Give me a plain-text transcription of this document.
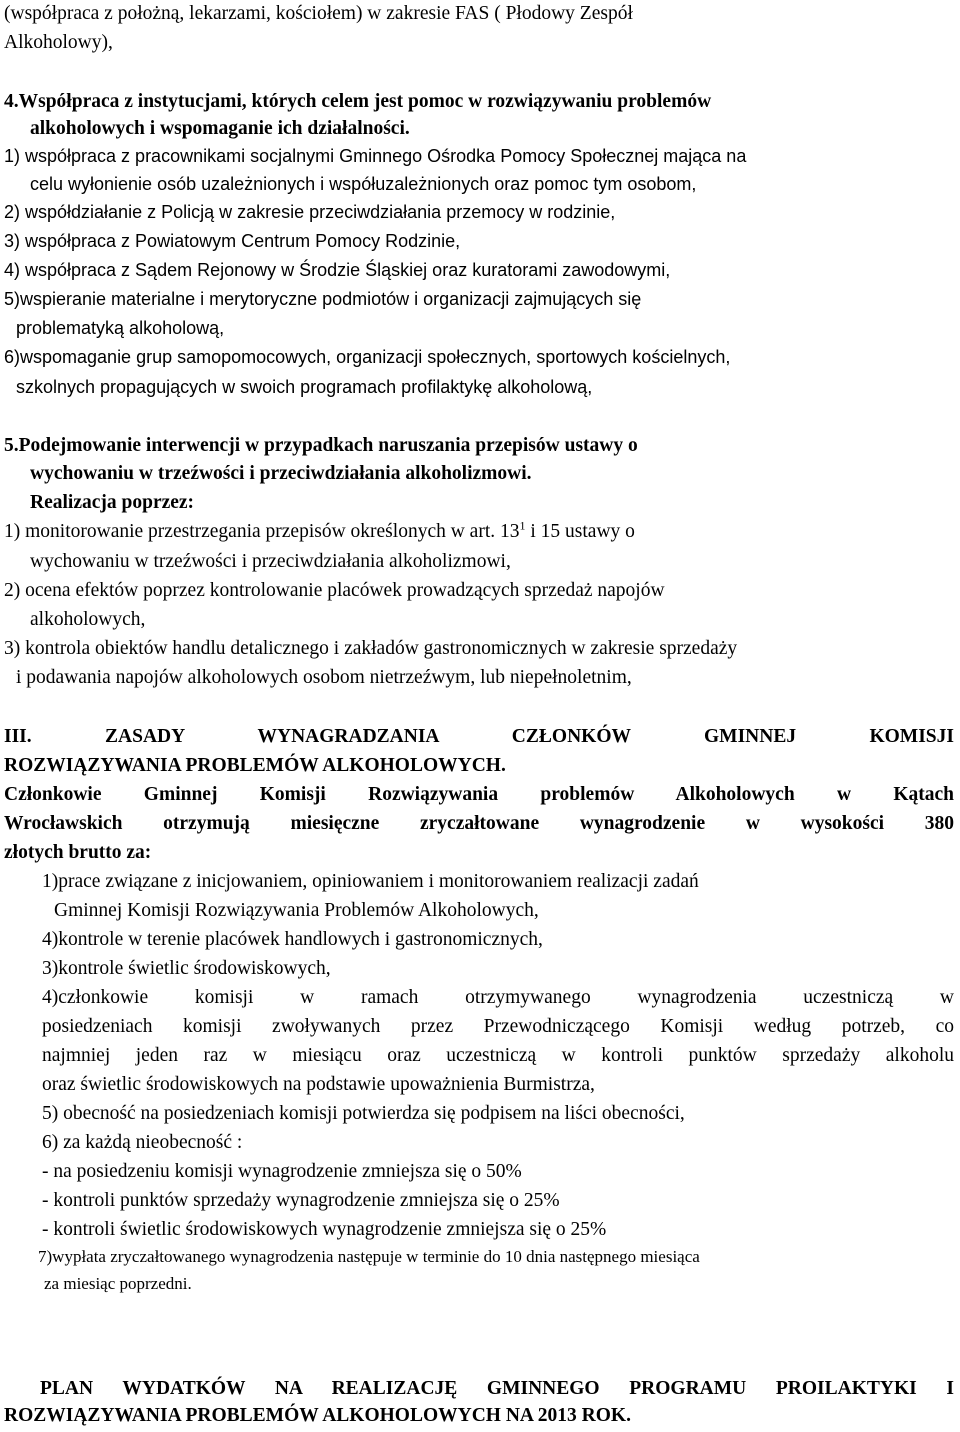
(współpraca z położną, lekarzami, kościołem) w zakresie FAS ( Płodowy Zespół
Alkoholowy),
4.Współpraca z instytucjami, których celem jest pomoc w rozwiązywaniu problemów
alkoholowych i wspomaganie ich działalności.
1) współpraca z pracownikami socjalnymi Gminnego Ośrodka Pomocy Społecznej mająca na
celu wyłonienie osób uzależnionych i współuzależnionych oraz pomoc tym osobom,
2) współdziałanie z Policją w zakresie przeciwdziałania przemocy w rodzinie,
3) współpraca z Powiatowym Centrum Pomocy Rodzinie,
4) współpraca z Sądem Rejonowy w Środzie Śląskiej oraz kuratorami zawodowymi,
5)wspieranie materialne i merytoryczne podmiotów i organizacji zajmujących się
problematyką alkoholową,
6)wspomaganie grup samopomocowych, organizacji społecznych, sportowych kościelnych,
szkolnych propagujących w swoich programach profilaktykę alkoholową,
5.Podejmowanie interwencji w przypadkach naruszania przepisów ustawy o
wychowaniu w trzeźwości i przeciwdziałania alkoholizmowi.
Realizacja poprzez:
1) monitorowanie przestrzegania przepisów określonych w art. $13^1$ i 15 ustawy o
wychowaniu w trzeźwości i przeciwdziałania alkoholizmowi,
2) ocena efektów poprzez kontrolowanie placówek prowadzących sprzedaż napojów
alkoholowych,
3) kontrola obiektów handlu detalicznego i zakładów gastronomicznych w zakresie sprzedaży
i podawania napojów alkoholowych osobom nietrzeźwym, lub niepełnoletnim,
III. ZASADY WYNAGRADZANIA CZŁONKÓW GMINNEJ KOMISJI
ROZWIĄZYWANIA PROBLEMÓW ALKOHOLOWYCH.
Członkowie Gminnej Komisji Rozwiązywania problemów Alkoholowych w Kątach
Wrocławskich otrzymują miesięczne zryczałtowane wynagrodzenie w wysokości 380
złotych brutto za:
1)prace związane z inicjowaniem, opiniowaniem i monitorowaniem realizacji zadań
Gminnej Komisji Rozwiązywania Problemów Alkoholowych,
4)kontrole w terenie placówek handlowych i gastronomicznych,
3)kontrole świetlic środowiskowych,
4)członkowie komisji w ramach otrzymywanego wynagrodzenia uczestniczą w
posiedzeniach komisji zwoływanych przez Przewodniczącego Komisji według potrzeb, co
najmniej jeden raz w miesiącu oraz uczestniczą w kontroli punktów sprzedaży alkoholu
oraz świetlic środowiskowych na podstawie upoważnienia Burmistrza,
5) obecność na posiedzeniach komisji potwierdza się podpisem na liści obecności,
6) za każdą nieobecność :
- na posiedzeniu komisji wynagrodzenie zmniejsza się o 50%
- kontroli punktów sprzedaży wynagrodzenie zmniejsza się o 25%
- kontroli świetlic środowiskowych wynagrodzenie zmniejsza się o 25%
7)wypłata zryczałtowanego wynagrodzenia następuje w terminie do 10 dnia następnego miesiąca
za miesiąc poprzedni.
PLAN WYDATKÓW NA REALIZACJĘ GMINNEGO PROGRAMU PROILAKTYKI I
ROZWIĄZYWANIA PROBLEMÓW ALKOHOLOWYCH NA 2013 ROK.
